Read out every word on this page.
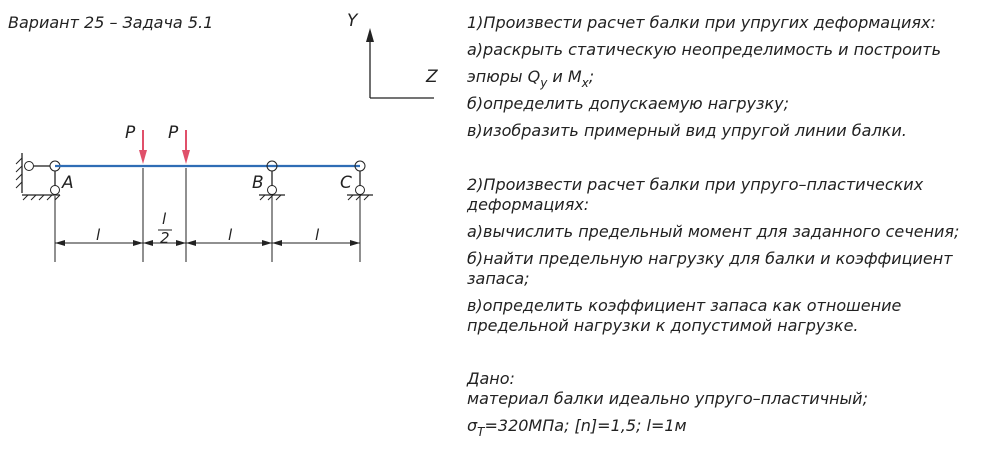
Вариант 25 – Задача 5.1	Y
Z
A
P P
B	C
l
l
2	l	l
1)Произвести расчет балки при упругих деформациях:
а)раскрыть статическую неопределимость и построить
эпюры $Q_y$ и $M_x$;
б)определить допускаемую нагрузку;
в)изобразить примерный вид упругой линии балки.
2)Произвести расчет балки при упруго–пластических
деформациях:
а)вычислить предельный момент для заданного сечения;
б)найти предельную нагрузку для балки и коэффициент
запаса;
в)определить коэффициент запаса как отношение
предельной нагрузки к допустимой нагрузке.
Дано:
материал балки идеально упруго–пластичный;
$\sigma_T=320МПа$; [n]=1,5; l=1м
